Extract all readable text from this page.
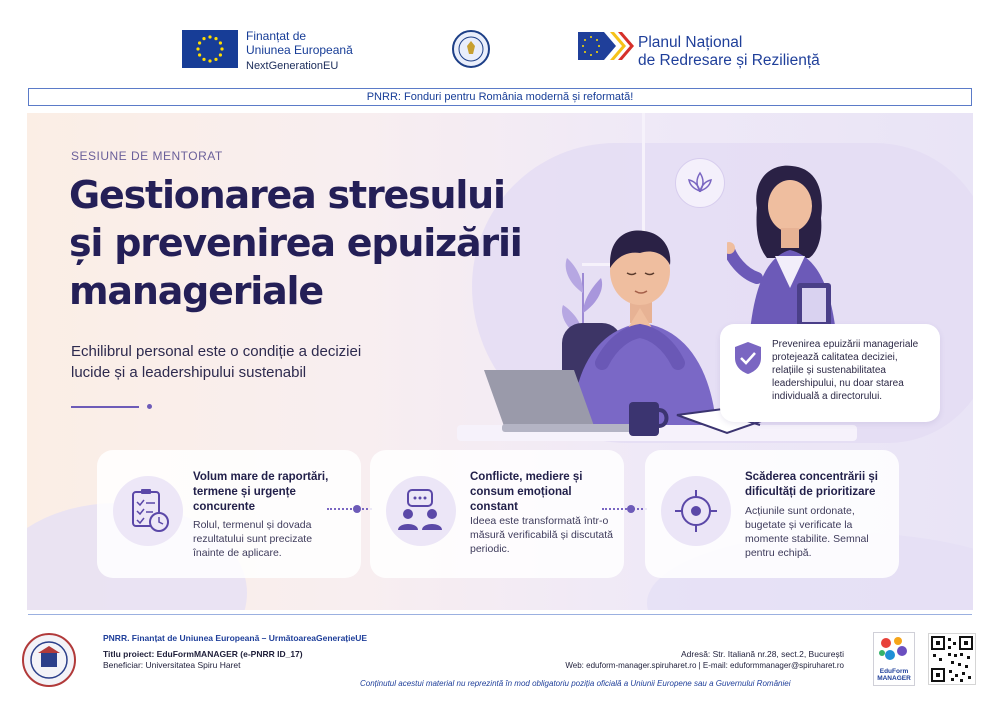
Finanțat de
Uniunea Europeană
NextGenerationEU
Planul Național
de Redresare și Reziliență
PNRR: Fonduri pentru România modernă și reformată!
SESIUNE DE MENTORAT
Gestionarea stresului
și prevenirea epuizării
manageriale
Echilibrul personal este o condiție a deciziei lucide și a leadershipului sustenabil
Prevenirea epuizării manageriale protejează calitatea deciziei, relațiile și sustenabilitatea leadershipului, nu doar starea individuală a directorului.
Volum mare de raportări, termene și urgențe concurente
Rolul, termenul și dovada rezultatului sunt precizate înainte de aplicare.
Conflicte, mediere și consum emoțional constant
Ideea este transformată într-o măsură verificabilă și discutată periodic.
Scăderea concentrării și dificultăți de prioritizare
Acțiunile sunt ordonate, bugetate și verificate la momente stabilite. Semnal pentru echipă.
PNRR. Finanțat de Uniunea Europeană – UrmătoareaGenerațieUE
Titlu proiect: EduFormMANAGER (e-PNRR ID_17)
Beneficiar: Universitatea Spiru Haret
Adresă: Str. Italiană nr.28, sect.2, București
Web: eduform-manager.spiruharet.ro | E-mail: eduformmanager@spiruharet.ro
Conținutul acestui material nu reprezintă în mod obligatoriu poziția oficială a Uniunii Europene sau a Guvernului României
EduForm
MANAGER
